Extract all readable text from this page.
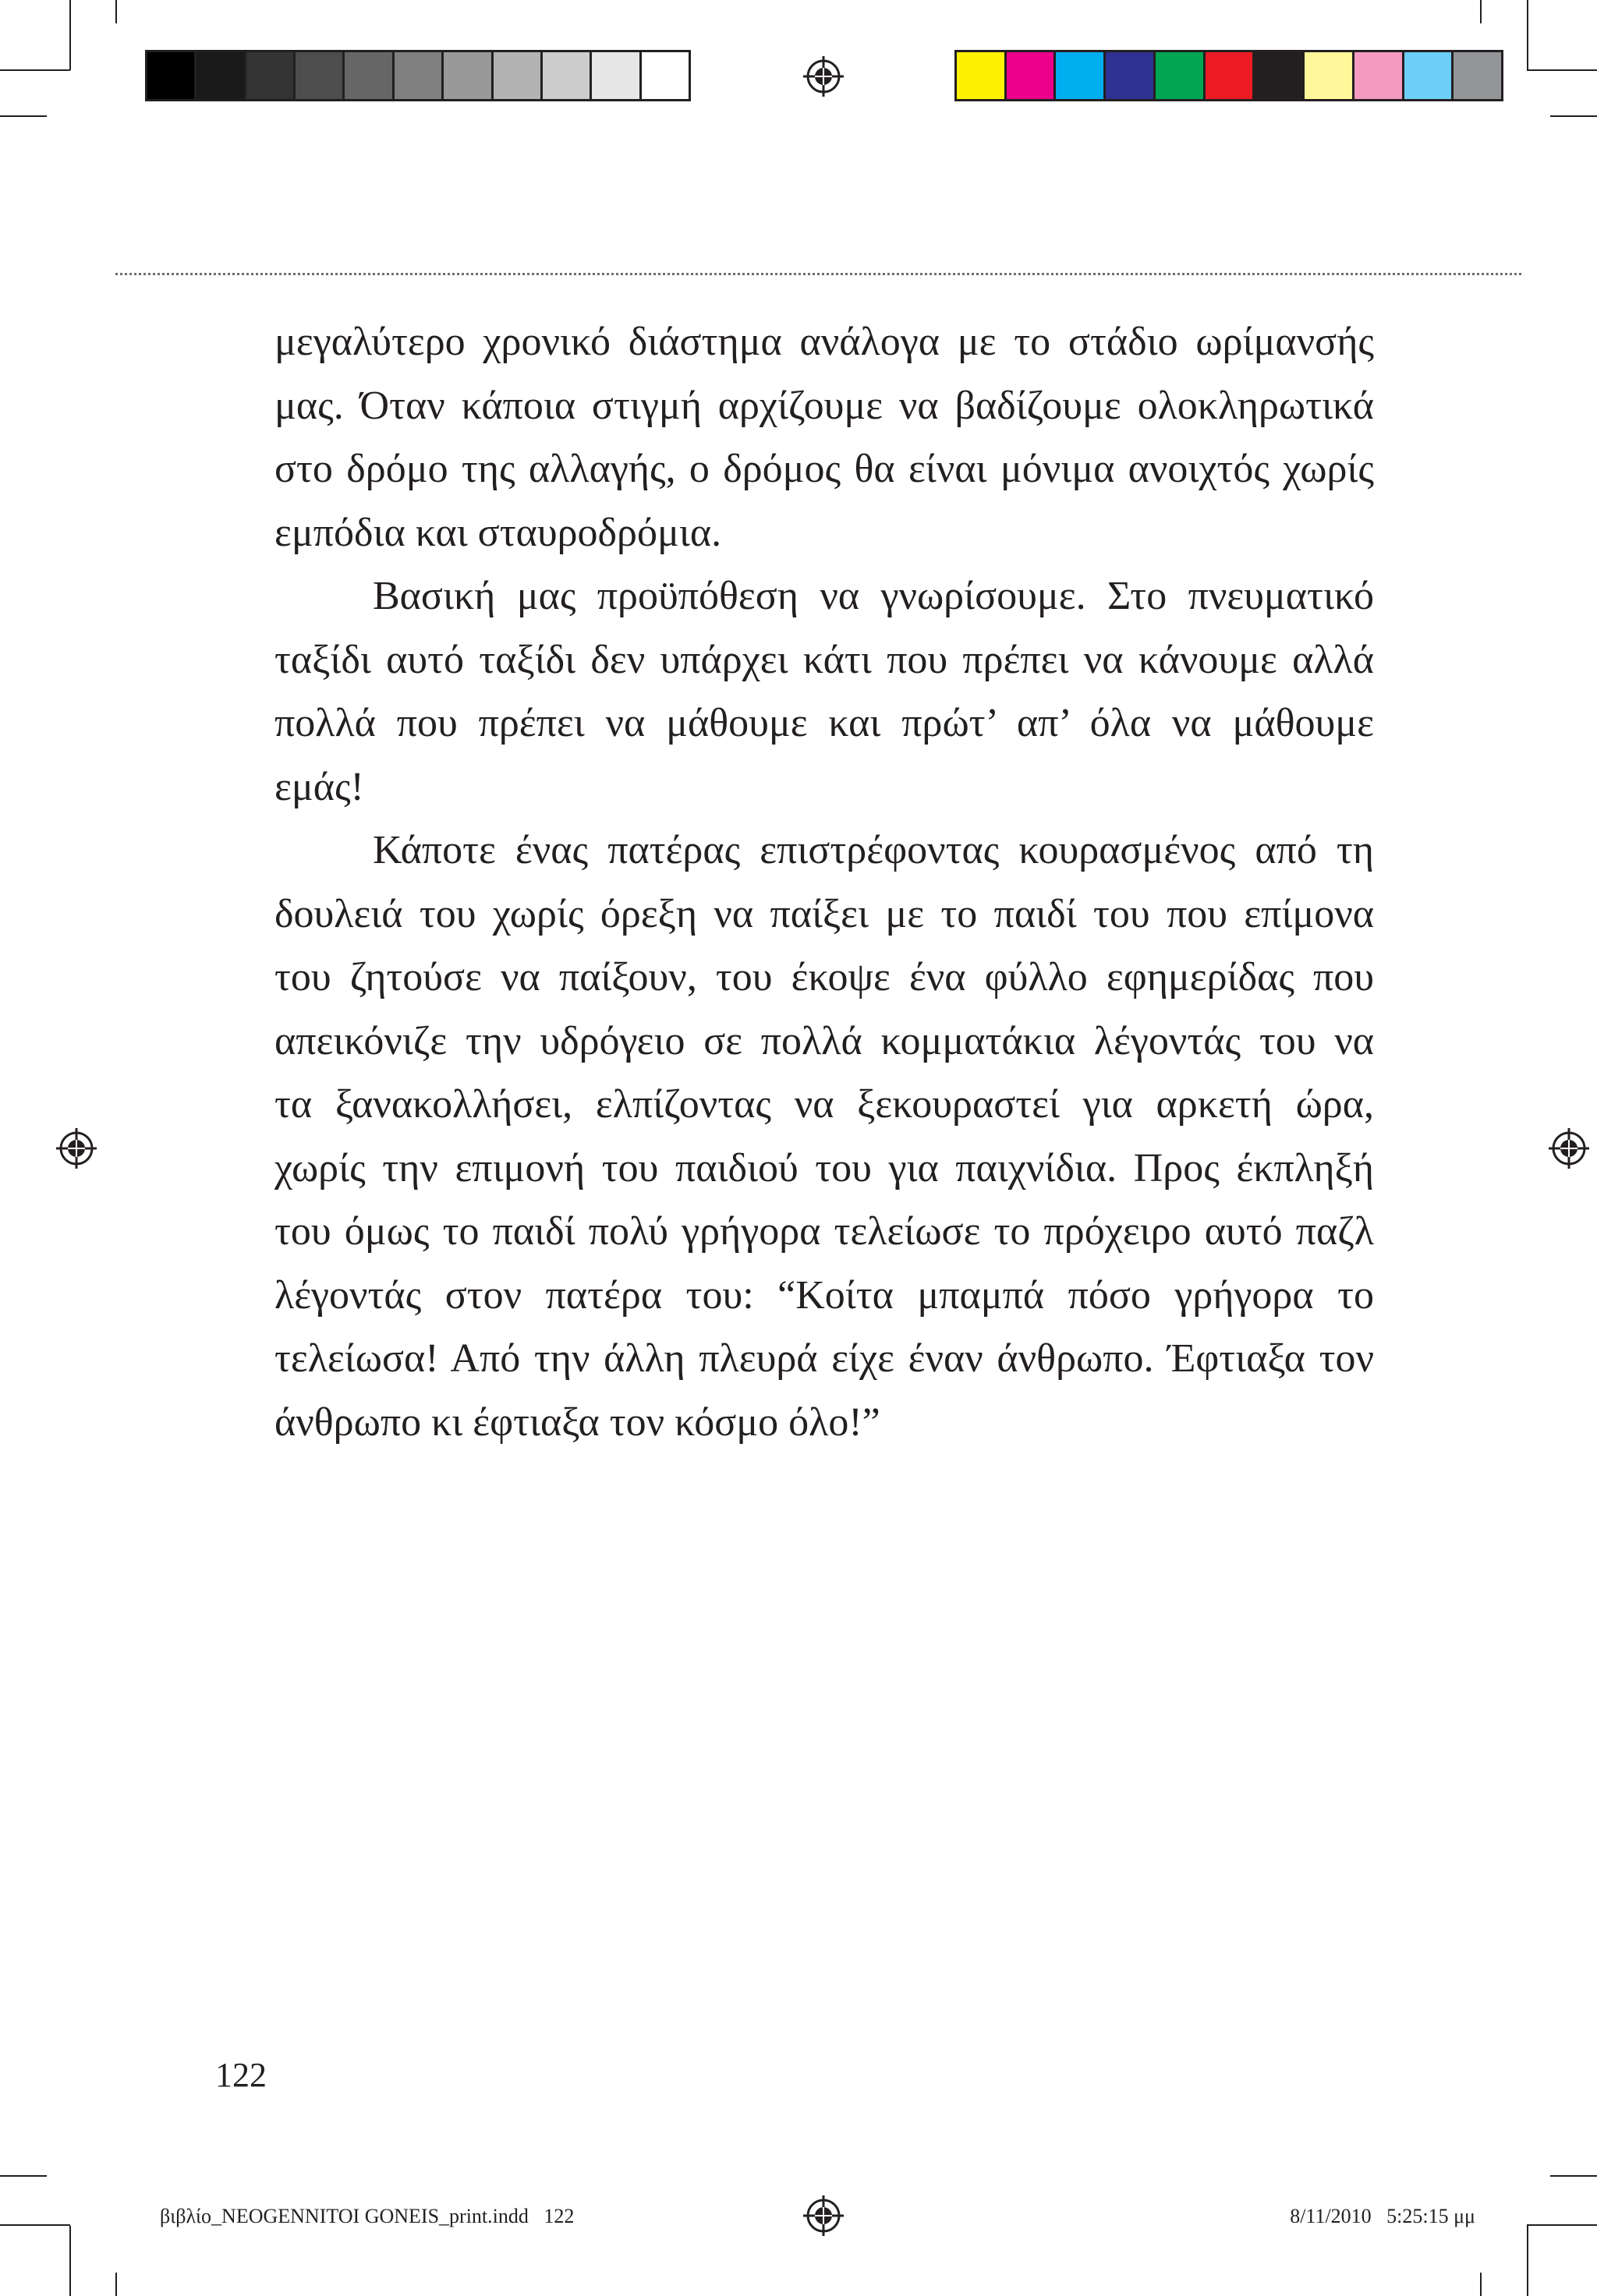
μεγαλύτερο χρονικό διάστημα ανάλογα με το στάδιο ωρίμανσής

μας. Όταν κάποια στιγμή αρχίζουμε να βαδίζουμε ολοκληρωτικά

στο δρόμο της αλλαγής, ο δρόμος θα είναι μόνιμα ανοιχτός χωρίς

εμπόδια και σταυροδρόμια.

Βασική μας προϋπόθεση να γνωρίσουμε. Στο πνευματικό

ταξίδι αυτό ταξίδι δεν υπάρχει κάτι που πρέπει να κάνουμε αλλά

πολλά που πρέπει να μάθουμε και πρώτ’ απ’ όλα να μάθουμε

εμάς!

Κάποτε ένας πατέρας επιστρέφοντας κουρασμένος από τη

δουλειά του χωρίς όρεξη να παίξει με το παιδί του που επίμονα

του ζητούσε να παίξουν, του έκοψε ένα φύλλο εφημερίδας που

απεικόνιζε την υδρόγειο σε πολλά κομματάκια λέγοντάς του να

τα ξανακολλήσει, ελπίζοντας να ξεκουραστεί για αρκετή ώρα,

χωρίς την επιμονή του παιδιού του για παιχνίδια. Προς έκπληξή

του όμως το παιδί πολύ γρήγορα τελείωσε το πρόχειρο αυτό παζλ

λέγοντάς στον πατέρα του: “Κοίτα μπαμπά πόσο γρήγορα το

τελείωσα! Από την άλλη πλευρά είχε έναν άνθρωπο. Έφτιαξα τον

άνθρωπο κι έφτιαξα τον κόσμο όλο!”

122

βιβλίο_NEOGENNITOI GONEIS_print.indd   122	8/11/2010   5:25:15 μμ
